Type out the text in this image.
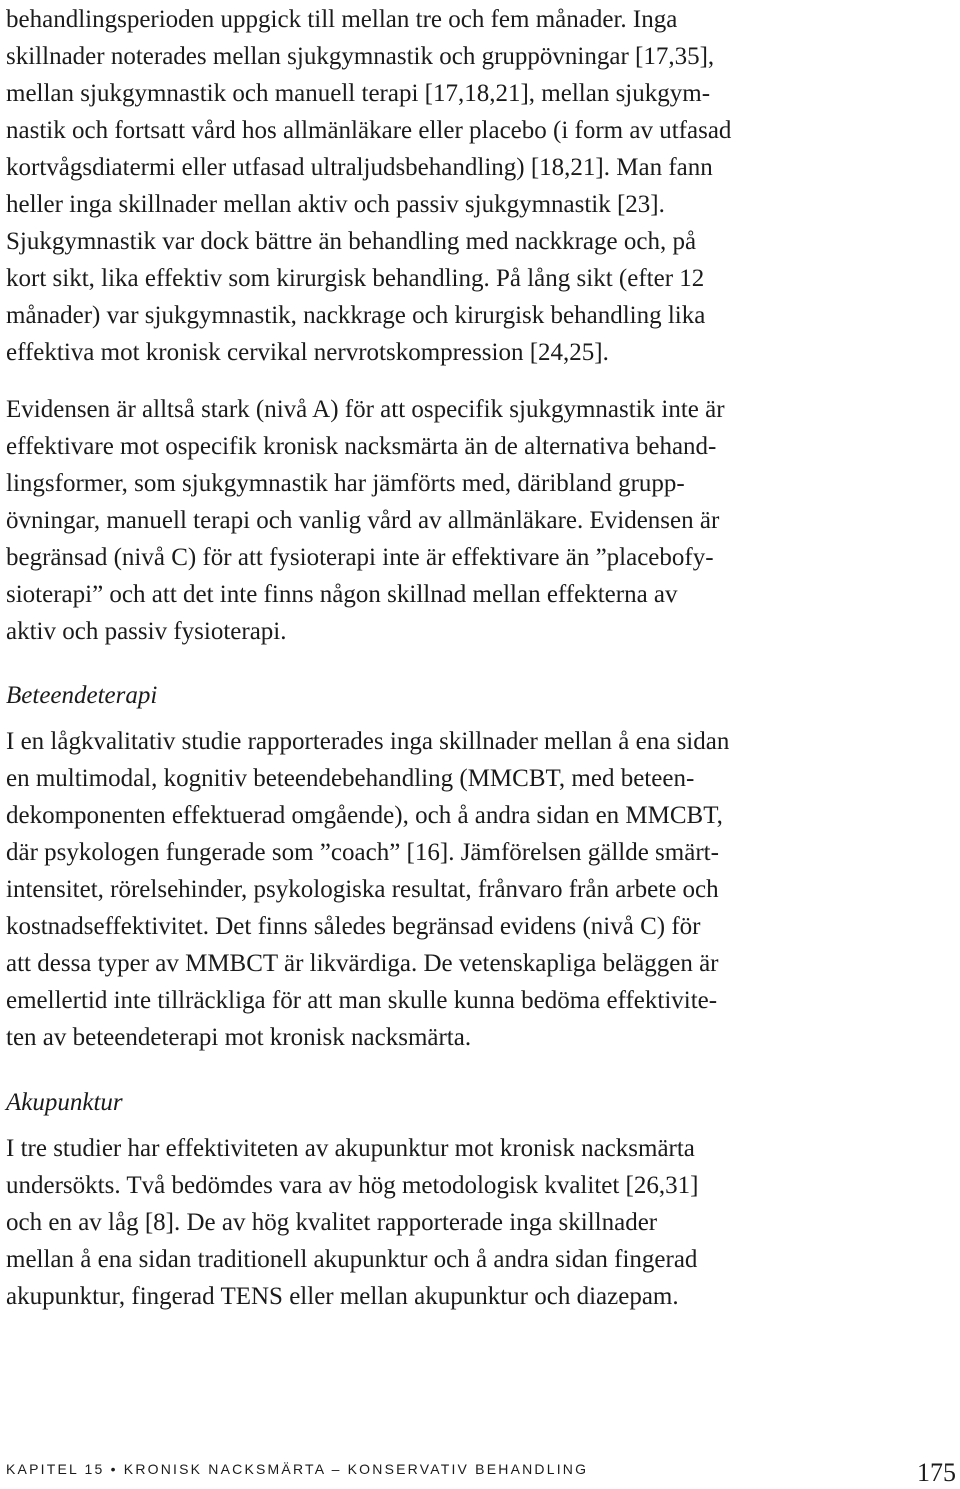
behandlingsperioden uppgick till mellan tre och fem månader. Inga
skillnader noterades mellan sjukgymnastik och gruppövningar [17,35],
mellan sjukgymnastik och manuell terapi [17,18,21], mellan sjukgym-
nastik och fortsatt vård hos allmänläkare eller placebo (i form av utfasad
kortvågsdiatermi eller utfasad ultraljudsbehandling) [18,21]. Man fann
heller inga skillnader mellan aktiv och passiv sjukgymnastik [23].
Sjukgymnastik var dock bättre än behandling med nackkrage och, på
kort sikt, lika effektiv som kirurgisk behandling. På lång sikt (efter 12
månader) var sjukgymnastik, nackkrage och kirurgisk behandling lika
effektiva mot kronisk cervikal nervrotskompression [24,25].

Evidensen är alltså stark (nivå A) för att ospecifik sjukgymnastik inte är
effektivare mot ospecifik kronisk nacksmärta än de alternativa behand-
lingsformer, som sjukgymnastik har jämförts med, däribland grupp-
övningar, manuell terapi och vanlig vård av allmänläkare. Evidensen är
begränsad (nivå C) för att fysioterapi inte är effektivare än ”placebofy-
sioterapi” och att det inte finns någon skillnad mellan effekterna av
aktiv och passiv fysioterapi.

Beteendeterapi

I en lågkvalitativ studie rapporterades inga skillnader mellan å ena sidan
en multimodal, kognitiv beteendebehandling (MMCBT, med beteen-
dekomponenten effektuerad omgående), och å andra sidan en MMCBT,
där psykologen fungerade som ”coach” [16]. Jämförelsen gällde smärt-
intensitet, rörelsehinder, psykologiska resultat, frånvaro från arbete och
kostnadseffektivitet. Det finns således begränsad evidens (nivå C) för
att dessa typer av MMBCT är likvärdiga. De vetenskapliga beläggen är
emellertid inte tillräckliga för att man skulle kunna bedöma effektivite-
ten av beteendeterapi mot kronisk nacksmärta.

Akupunktur

I tre studier har effektiviteten av akupunktur mot kronisk nacksmärta
undersökts. Två bedömdes vara av hög metodologisk kvalitet [26,31]
och en av låg [8]. De av hög kvalitet rapporterade inga skillnader
mellan å ena sidan traditionell akupunktur och å andra sidan fingerad
akupunktur, fingerad TENS eller mellan akupunktur och diazepam.

KAPITEL 15 • KRONISK NACKSMÄRTA – KONSERVATIV BEHANDLING	175
